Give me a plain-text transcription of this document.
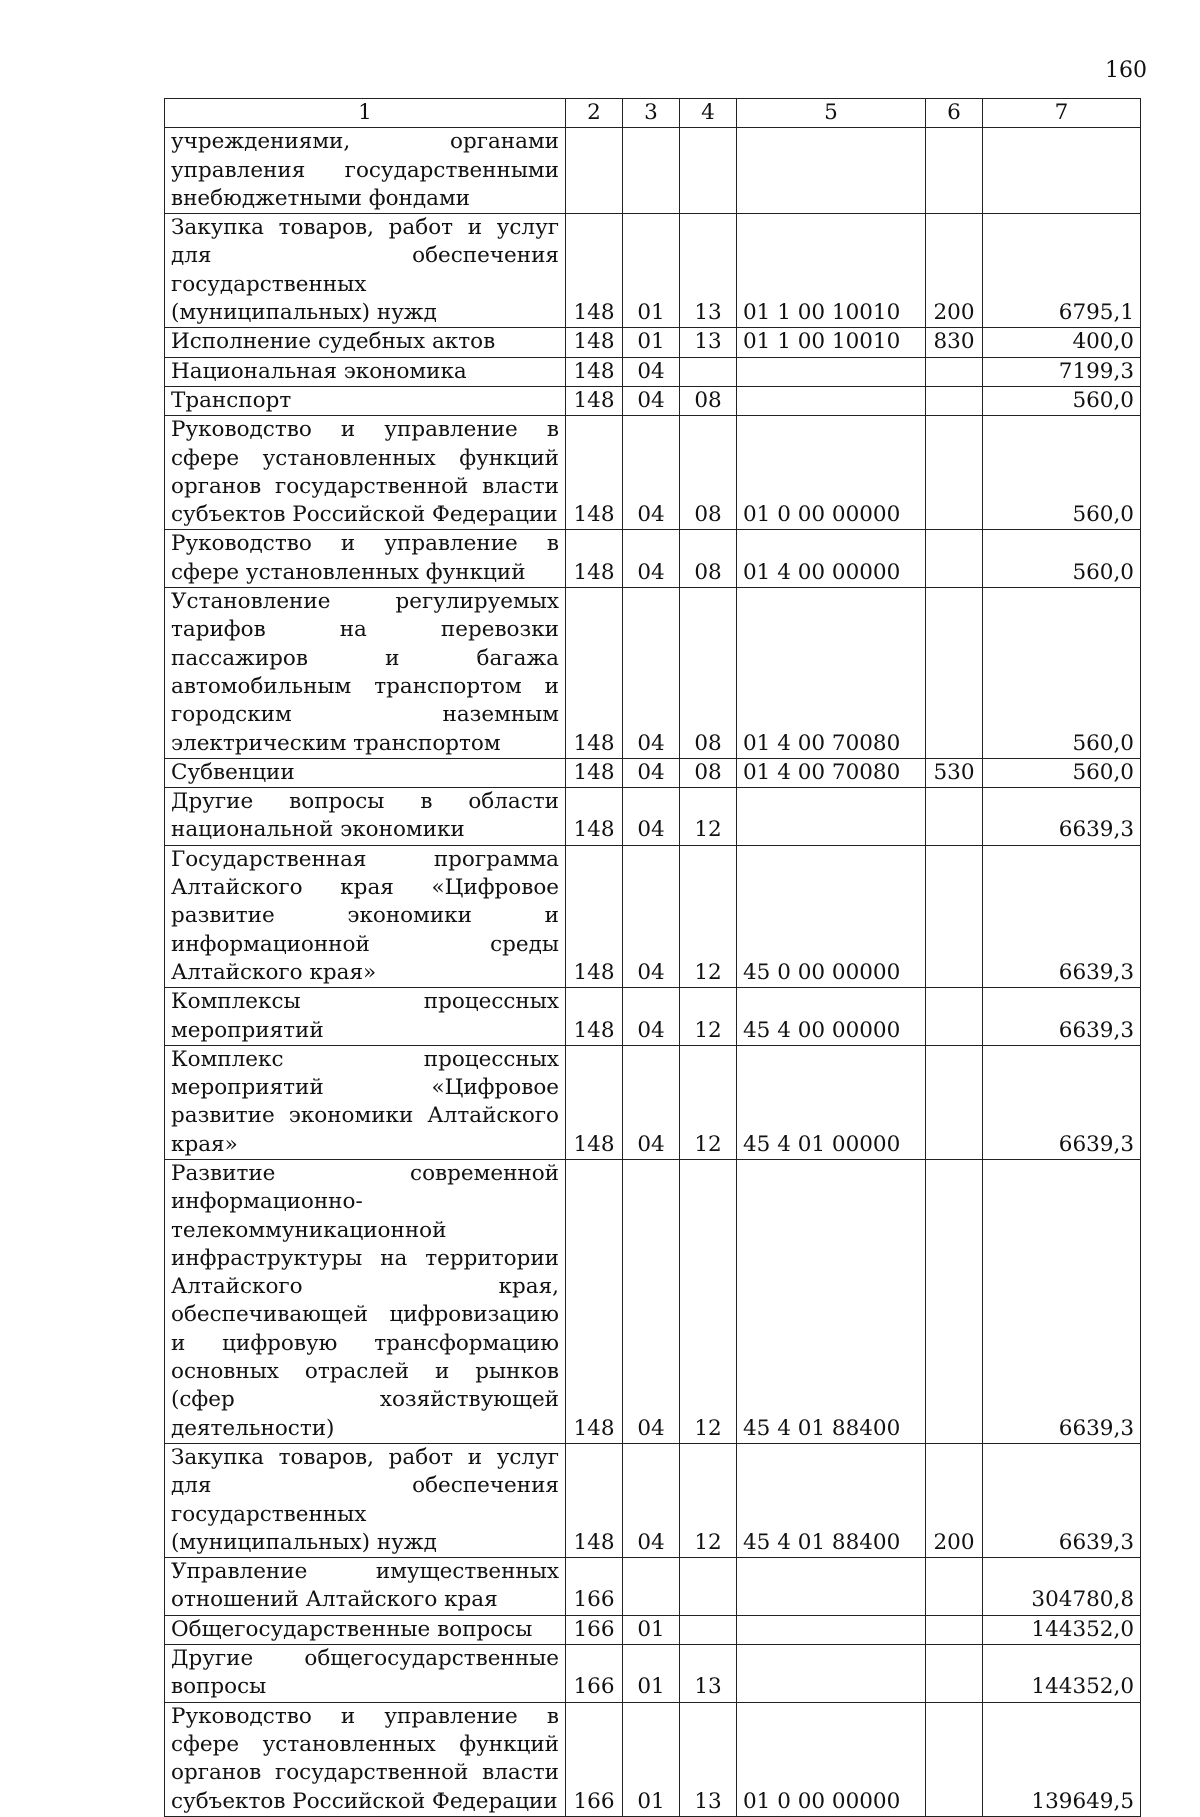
160
1	2	3	4	5	6	7
учреждениями, органами управления государственными внебюджетными фондами						
Закупка товаров, работ и услуг для обеспечения государственных (муниципальных) нужд	148	01	13	01 1 00 10010	200	6795,1
Исполнение судебных актов	148	01	13	01 1 00 10010	830	400,0
Национальная экономика	148	04				7199,3
Транспорт	148	04	08			560,0
Руководство и управление в сфере установленных функций органов государственной власти субъектов Российской Федерации	148	04	08	01 0 00 00000		560,0
Руководство и управление в сфере установленных функций	148	04	08	01 4 00 00000		560,0
Установление регулируемых тарифов на перевозки пассажиров и багажа автомобильным транспортом и городским наземным электрическим транспортом	148	04	08	01 4 00 70080		560,0
Субвенции	148	04	08	01 4 00 70080	530	560,0
Другие вопросы в области национальной экономики	148	04	12			6639,3
Государственная программа Алтайского края «Цифровое развитие экономики и информационной среды Алтайского края»	148	04	12	45 0 00 00000		6639,3
Комплексы процессных мероприятий	148	04	12	45 4 00 00000		6639,3
Комплекс процессных мероприятий «Цифровое развитие экономики Алтайского края»	148	04	12	45 4 01 00000		6639,3
Развитие современной информационно-телекоммуникационной инфраструктуры на территории Алтайского края, обеспечивающей цифровизацию и цифровую трансформацию основных отраслей и рынков (сфер хозяйствующей деятельности)	148	04	12	45 4 01 88400		6639,3
Закупка товаров, работ и услуг для обеспечения государственных (муниципальных) нужд	148	04	12	45 4 01 88400	200	6639,3
Управление имущественных отношений Алтайского края	166					304780,8
Общегосударственные вопросы	166	01				144352,0
Другие общегосударственные вопросы	166	01	13			144352,0
Руководство и управление в сфере установленных функций органов государственной власти субъектов Российской Федерации	166	01	13	01 0 00 00000		139649,5
